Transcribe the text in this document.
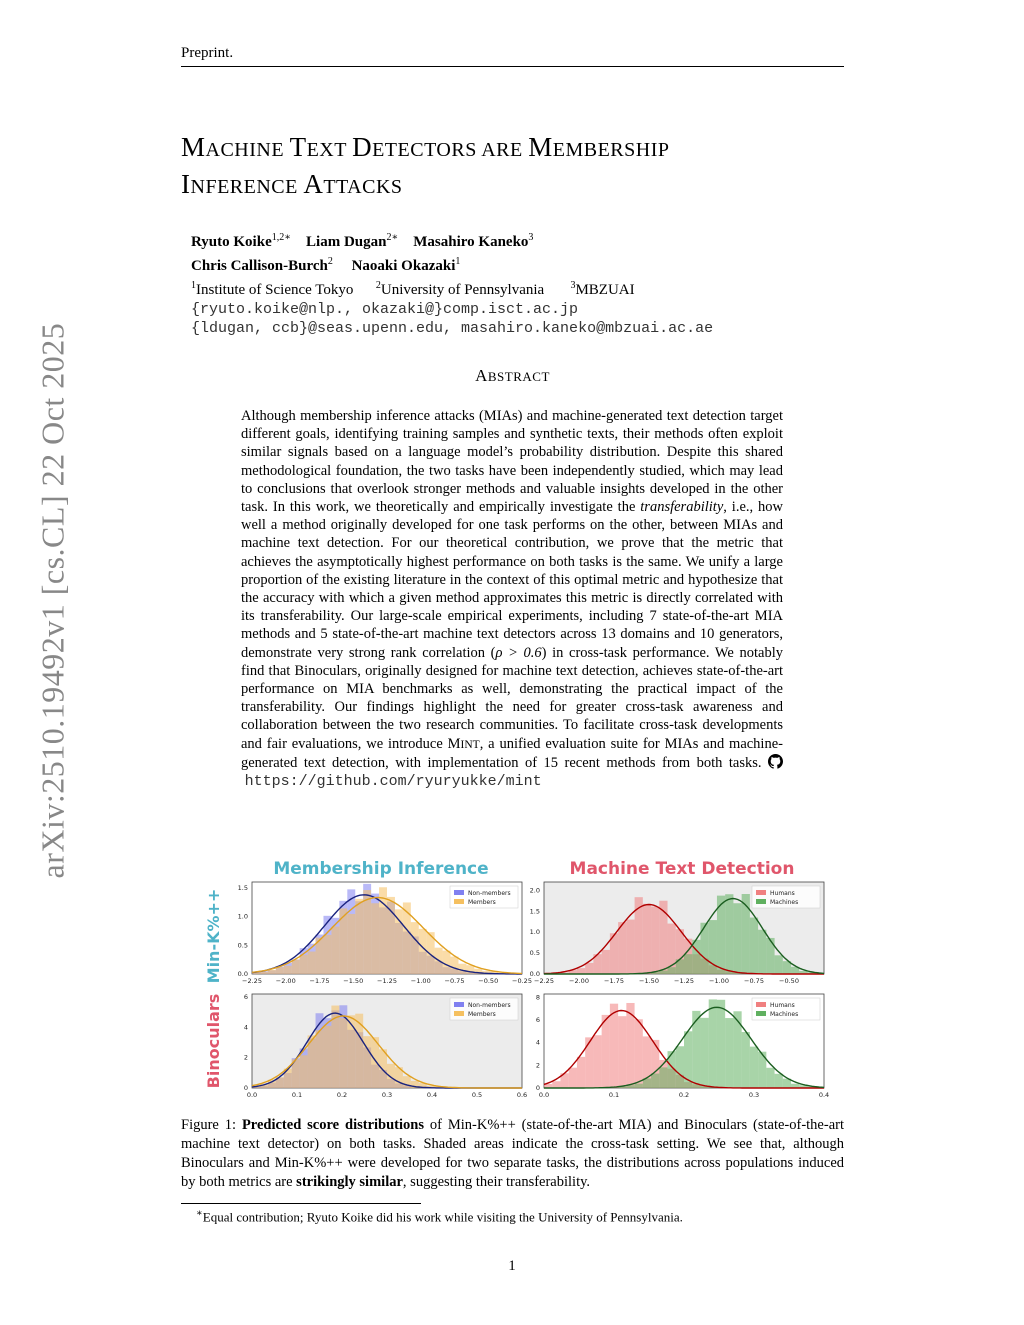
Preprint.
arXiv:2510.19492v1 [cs.CL] 22 Oct 2025
MACHINE TEXT DETECTORS ARE MEMBERSHIP
INFERENCE ATTACKS
Ryuto Koike$^{1,2∗}$ Liam Dugan$^{2∗}$ Masahiro Kaneko$^3$
Chris Callison-Burch$^2$ Naoaki Okazaki$^1$
$^1$Institute of Science Tokyo $^2$University of Pennsylvania	$^3$MBZUAI
{ryuto.koike@nlp., okazaki@}comp.isct.ac.jp
{ldugan, ccb}@seas.upenn.edu, masahiro.kaneko@mbzuai.ac.ae
ABSTRACT
Although membership inference attacks (MIAs) and machine-generated text detection target different goals, identifying training samples and synthetic texts, their methods often exploit similar signals based on a language model’s probability distribution. Despite this shared methodological foundation, the two tasks have been independently studied, which may lead to conclusions that overlook stronger methods and valuable insights developed in the other task. In this work, we theoretically and empirically investigate the transferability, i.e., how well a method originally developed for one task performs on the other, between MIAs and machine text detection. For our theoretical contribution, we prove that the metric that achieves the asymptotically highest performance on both tasks is the same. We unify a large proportion of the existing literature in the context of this optimal metric and hypothesize that the accuracy with which a given method approximates this metric is directly correlated with its transferability. Our large-scale empirical experiments, including 7 state-of-the-art MIA methods and 5 state-of-the-art machine text detectors across 13 domains and 10 generators, demonstrate very strong rank correlation (ρ > 0.6) in cross-task performance. We notably find that Binoculars, originally designed for machine text detection, achieves state-of-the-art performance on MIA benchmarks as well, demonstrating the practical impact of the transferability. Our findings highlight the need for greater cross-task awareness and collaboration between the two research communities. To facilitate cross-task developments and fair evaluations, we introduce MINT, a unified evaluation suite for MIAs and machine-generated text detection, with implementation of 15 recent methods from both tasks.  https://github.com/ryuryukke/mint
Membership Inference	Machine Text Detection
Min-K%++
Binoculars
−2.25 −2.00 −1.75 −1.50 −1.25 −1.00 −0.75 −0.50 −0.25
0.0
0.5
1.0
1.5
Non-members
Members
−2.25 −2.00 −1.75 −1.50 −1.25 −1.00 −0.75 −0.50
0.0
0.5
1.0
1.5
2.0	Humans
Machines
0.0	0.1	0.2	0.3	0.4	0.5	0.6
0
2
4
6
Non-members
Members
0.0	0.1	0.2	0.3	0.4
0
2
4
6
8
Humans
Machines
Figure 1: Predicted score distributions of Min-K%++ (state-of-the-art MIA) and Binoculars (state-of-the-art machine text detector) on both tasks. Shaded areas indicate the cross-task setting. We see that, although Binoculars and Min-K%++ were developed for two separate tasks, the distributions across populations induced by both metrics are strikingly similar, suggesting their transferability.
∗Equal contribution; Ryuto Koike did his work while visiting the University of Pennsylvania.
1
